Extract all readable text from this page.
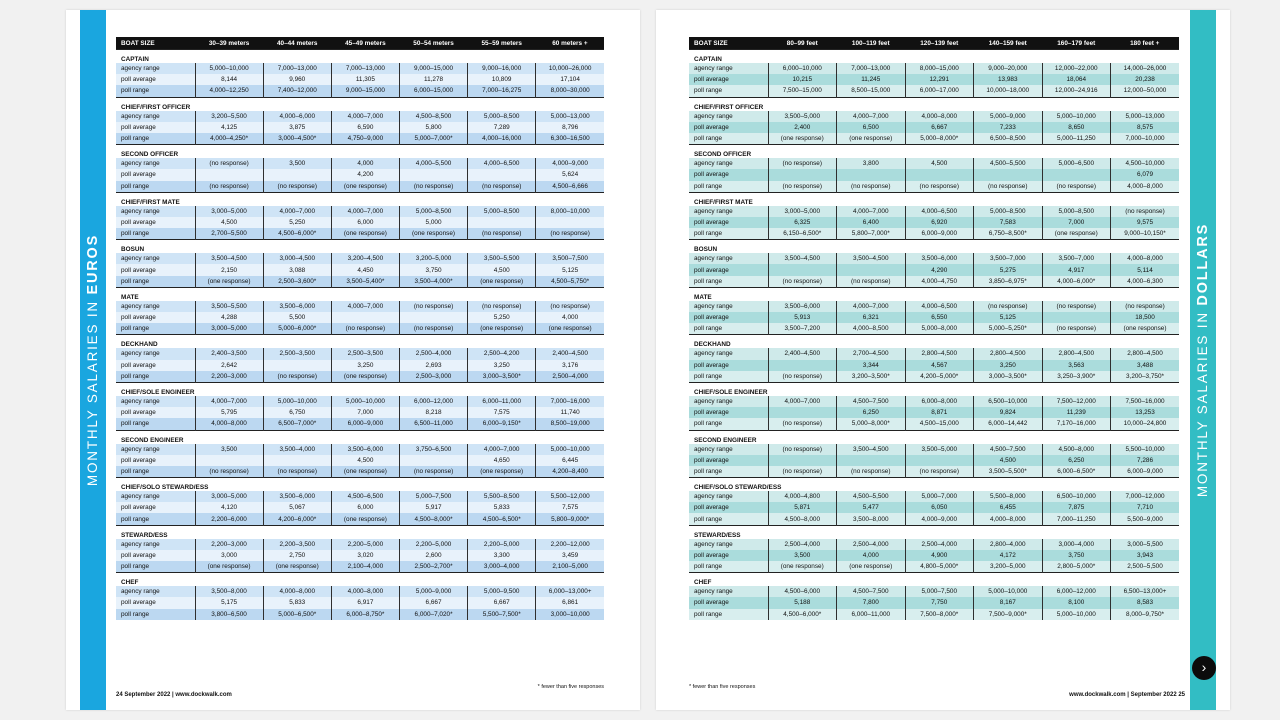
MONTHLY SALARIES IN EUROS
BOAT SIZE	30–39 meters	40–44 meters	45–49 meters	50–54 meters	55–59 meters	60 meters +
CAPTAIN						
agency range	5,000–10,000	7,000–13,000	7,000–13,000	9,000–15,000	9,000–16,000	10,000–26,000
poll average	8,144	9,960	11,305	11,278	10,809	17,104
poll range	4,000–12,250	7,400–12,000	9,000–15,000	6,000–15,000	7,000–16,275	8,000–30,000
CHIEF/FIRST OFFICER						
agency range	3,200–5,500	4,000–6,000	4,000–7,000	4,500–8,500	5,000–8,500	5,000–13,000
poll average	4,125	3,875	6,590	5,800	7,289	8,796
poll range	4,000–4,250*	3,000–4,500*	4,750–9,000	5,000–7,000*	4,000–16,000	6,300–16,500
SECOND OFFICER						
agency range	(no response)	3,500	4,000	4,000–5,500	4,000–6,500	4,000–9,000
poll average			4,200			5,624
poll range	(no response)	(no response)	(one response)	(no response)	(no response)	4,500–6,666
CHIEF/FIRST MATE						
agency range	3,000–5,000	4,000–7,000	4,000–7,000	5,000–8,500	5,000–8,500	8,000–10,000
poll average	4,500	5,250	6,000	5,000		
poll range	2,700–5,500	4,500–6,000*	(one response)	(one response)	(no response)	(no response)
BOSUN						
agency range	3,500–4,500	3,000–4,500	3,200–4,500	3,200–5,000	3,500–5,500	3,500–7,500
poll average	2,150	3,088	4,450	3,750	4,500	5,125
poll range	(one response)	2,500–3,600*	3,500–5,400*	3,500–4,000*	(one response)	4,500–5,750*
MATE						
agency range	3,500–5,500	3,500–6,000	4,000–7,000	(no response)	(no response)	(no response)
poll average	4,288	5,500			5,250	4,000
poll range	3,000–5,000	5,000–6,000*	(no response)	(no response)	(one response)	(one response)
DECKHAND						
agency range	2,400–3,500	2,500–3,500	2,500–3,500	2,500–4,000	2,500–4,200	2,400–4,500
poll average	2,642		3,250	2,693	3,250	3,176
poll range	2,200–3,000	(no response)	(one response)	2,500–3,000	3,000–3,500*	2,500–4,000
CHIEF/SOLE ENGINEER						
agency range	4,000–7,000	5,000–10,000	5,000–10,000	6,000–12,000	6,000–11,000	7,000–16,000
poll average	5,795	6,750	7,000	8,218	7,575	11,740
poll range	4,000–8,000	6,500–7,000*	6,000–9,000	6,500–11,000	6,000–9,150*	8,500–19,000
SECOND ENGINEER						
agency range	3,500	3,500–4,000	3,500–6,000	3,750–6,500	4,000–7,000	5,000–10,000
poll average			4,500		4,650	6,445
poll range	(no response)	(no response)	(one response)	(no response)	(one response)	4,200–8,400
CHIEF/SOLO STEWARD/ESS						
agency range	3,000–5,000	3,500–6,000	4,500–6,500	5,000–7,500	5,500–8,500	5,500–12,000
poll average	4,120	5,067	6,000	5,917	5,833	7,575
poll range	2,200–6,000	4,200–6,000*	(one response)	4,500–8,000*	4,500–6,500*	5,800–9,000*
STEWARD/ESS						
agency range	2,200–3,000	2,200–3,500	2,200–5,000	2,200–5,000	2,200–5,000	2,200–12,000
poll average	3,000	2,750	3,020	2,600	3,300	3,459
poll range	(one response)	(one response)	2,100–4,000	2,500–2,700*	3,000–4,000	2,100–5,000
CHEF						
agency range	3,500–8,000	4,000–8,000	4,000–8,000	5,000–9,000	5,000–9,500	6,000–13,000+
poll average	5,175	5,833	6,917	6,667	6,667	6,861
poll range	3,800–6,500	5,000–6,500*	6,000–8,750*	6,000–7,020*	5,500–7,500*	3,000–10,000
* fewer than five responses
24 September 2022 | www.dockwalk.com
MONTHLY SALARIES IN DOLLARS
BOAT SIZE	80–99 feet	100–119 feet	120–139 feet	140–159 feet	160–179 feet	180 feet +
CAPTAIN						
agency range	6,000–10,000	7,000–13,000	8,000–15,000	9,000–20,000	12,000–22,000	14,000–26,000
poll average	10,215	11,245	12,291	13,983	18,064	20,238
poll range	7,500–15,000	8,500–15,000	6,000–17,000	10,000–18,000	12,000–24,916	12,000–50,000
CHIEF/FIRST OFFICER						
agency range	3,500–5,000	4,000–7,000	4,000–8,000	5,000–9,000	5,000–10,000	5,000–13,000
poll average	2,400	6,500	6,667	7,233	8,650	8,575
poll range	(one response)	(one response)	5,000–8,000*	6,500–8,500	5,000–11,250	7,000–10,000
SECOND OFFICER						
agency range	(no response)	3,800	4,500	4,500–5,500	5,000–6,500	4,500–10,000
poll average						6,079
poll range	(no response)	(no response)	(no response)	(no response)	(no response)	4,000–8,000
CHIEF/FIRST MATE						
agency range	3,000–5,000	4,000–7,000	4,000–6,500	5,000–8,500	5,000–8,500	(no response)
poll average	6,325	6,400	6,920	7,583	7,000	9,575
poll range	6,150–6,500*	5,800–7,000*	6,000–9,000	6,750–8,500*	(one response)	9,000–10,150*
BOSUN						
agency range	3,500–4,500	3,500–4,500	3,500–6,000	3,500–7,000	3,500–7,000	4,000–8,000
poll average			4,290	5,275	4,917	5,114
poll range	(no response)	(no response)	4,000–4,750	3,850–6,975*	4,000–6,000*	4,000–6,300
MATE						
agency range	3,500–6,000	4,000–7,000	4,000–6,500	(no response)	(no response)	(no response)
poll average	5,913	6,321	6,550	5,125		18,500
poll range	3,500–7,200	4,000–8,500	5,000–8,000	5,000–5,250*	(no response)	(one response)
DECKHAND						
agency range	2,400–4,500	2,700–4,500	2,800–4,500	2,800–4,500	2,800–4,500	2,800–4,500
poll average		3,344	4,567	3,250	3,563	3,488
poll range	(no response)	3,200–3,500*	4,200–5,000*	3,000–3,500*	3,250–3,900*	3,200–3,750*
CHIEF/SOLE ENGINEER						
agency range	4,000–7,000	4,500–7,500	6,000–8,000	6,500–10,000	7,500–12,000	7,500–16,000
poll average		6,250	8,871	9,824	11,239	13,253
poll range	(no response)	5,000–8,000*	4,500–15,000	6,000–14,442	7,170–16,000	10,000–24,800
SECOND ENGINEER						
agency range	(no response)	3,500–4,500	3,500–5,000	4,500–7,500	4,500–8,000	5,500–10,000
poll average				4,500	6,250	7,286
poll range	(no response)	(no response)	(no response)	3,500–5,500*	6,000–6,500*	6,000–9,000
CHIEF/SOLO STEWARD/ESS						
agency range	4,000–4,800	4,500–5,500	5,000–7,000	5,500–8,000	6,500–10,000	7,000–12,000
poll average	5,871	5,477	6,050	6,455	7,875	7,710
poll range	4,500–8,000	3,500–8,000	4,000–9,000	4,000–8,000	7,000–11,250	5,500–9,000
STEWARD/ESS						
agency range	2,500–4,000	2,500–4,000	2,500–4,000	2,800–4,000	3,000–4,000	3,000–5,500
poll average	3,500	4,000	4,900	4,172	3,750	3,943
poll range	(one response)	(one response)	4,800–5,000*	3,200–5,000	2,800–5,000*	2,500–5,500
CHEF						
agency range	4,500–6,000	4,500–7,500	5,000–7,500	5,000–10,000	6,000–12,000	6,500–13,000+
poll average	5,188	7,800	7,750	8,167	8,100	8,583
poll range	4,500–6,000*	6,000–11,000	7,500–8,000*	7,500–9,000*	5,000–10,000	8,000–9,750*
* fewer than five responses
www.dockwalk.com | September 2022 25
›
